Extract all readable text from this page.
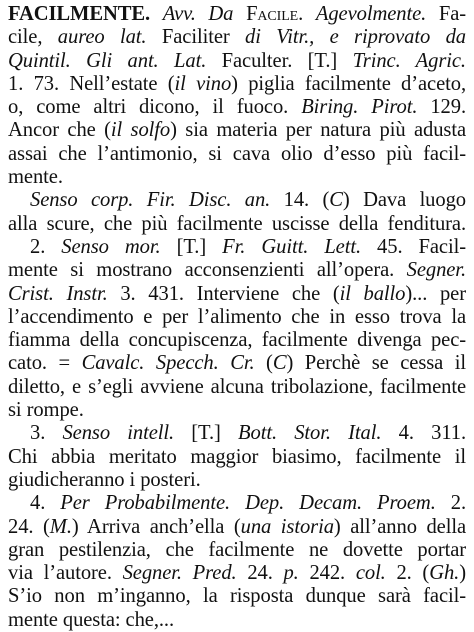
FACILMENTE. Avv. Da Facile. Agevolmente. Fa-
cile, aureo lat. Faciliter di Vitr., e riprovato da
Quintil. Gli ant. Lat. Faculter. [T.] Trinc. Agric.
1. 73. Nell’estate (il vino) piglia facilmente d’aceto,
o, come altri dicono, il fuoco. Biring. Pirot. 129.
Ancor che (il solfo) sia materia per natura più adusta
assai che l’antimonio, si cava olio d’esso più facil-
mente.
Senso corp. Fir. Disc. an. 14. (C) Dava luogo
alla scure, che più facilmente uscisse della fenditura.
2. Senso mor. [T.] Fr. Guitt. Lett. 45. Facil-
mente si mostrano acconsenzienti all’opera. Segner.
Crist. Instr. 3. 431. Interviene che (il ballo)... per
l’accendimento e per l’alimento che in esso trova la
fiamma della concupiscenza, facilmente divenga pec-
cato. = Cavalc. Specch. Cr. (C) Perchè se cessa il
diletto, e s’egli avviene alcuna tribolazione, facilmente
si rompe.
3. Senso intell. [T.] Bott. Stor. Ital. 4. 311.
Chi abbia meritato maggior biasimo, facilmente il
giudicheranno i posteri.
4. Per Probabilmente. Dep. Decam. Proem. 2.
24. (M.) Arriva anch’ella (una istoria) all’anno della
gran pestilenzia, che facilmente ne dovette portar
via l’autore. Segner. Pred. 24. p. 242. col. 2. (Gh.)
S’io non m’inganno, la risposta dunque sarà facil-
mente questa: che,...
